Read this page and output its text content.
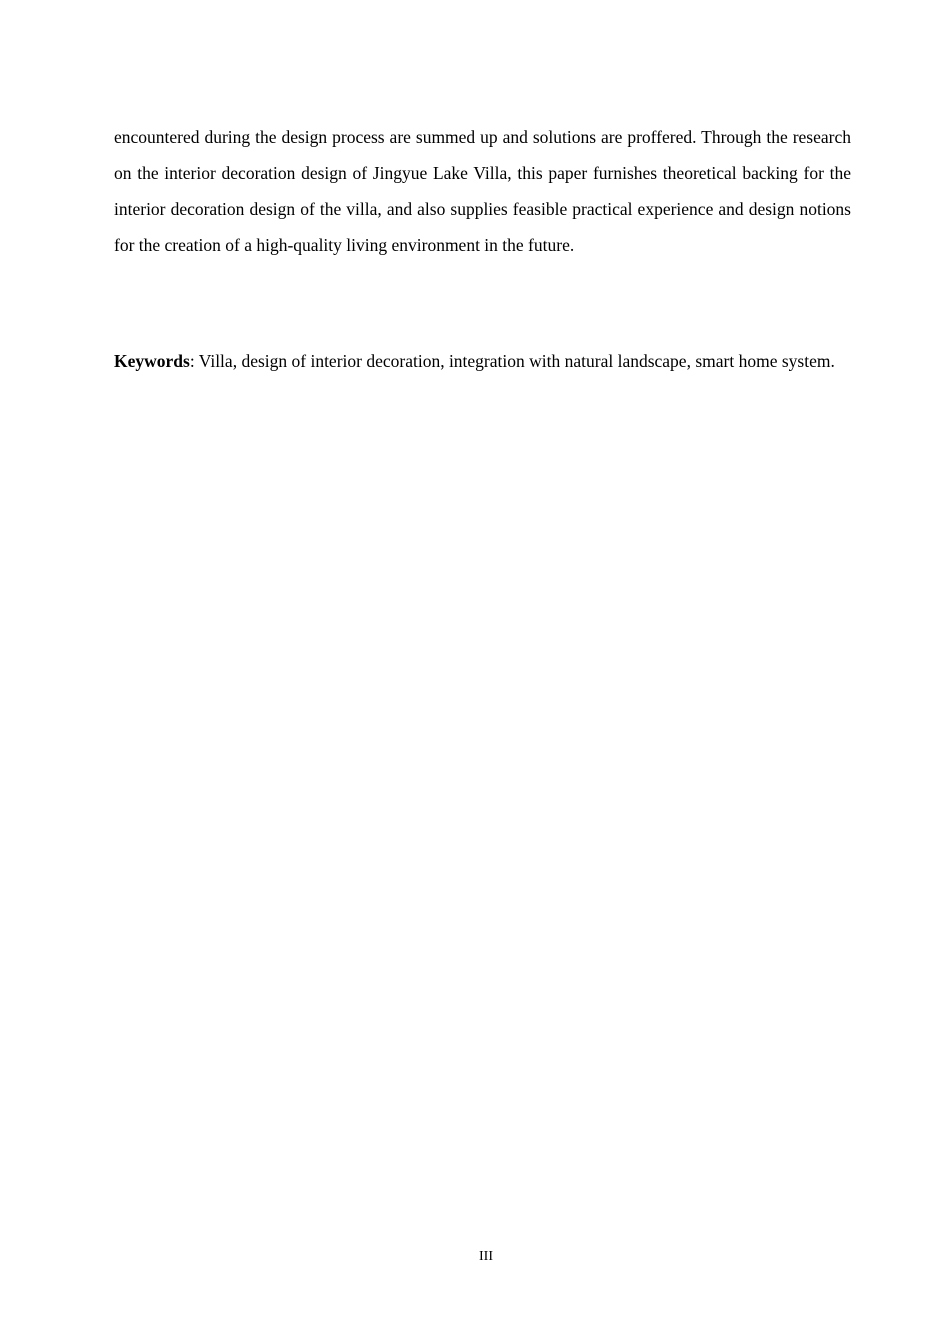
encountered during the design process are summed up and solutions are proffered. Through the research on the interior decoration design of Jingyue Lake Villa, this paper furnishes theoretical backing for the interior decoration design of the villa, and also supplies feasible practical experience and design notions for the creation of a high-quality living environment in the future.

Keywords: Villa, design of interior decoration, integration with natural landscape, smart home system.

III
